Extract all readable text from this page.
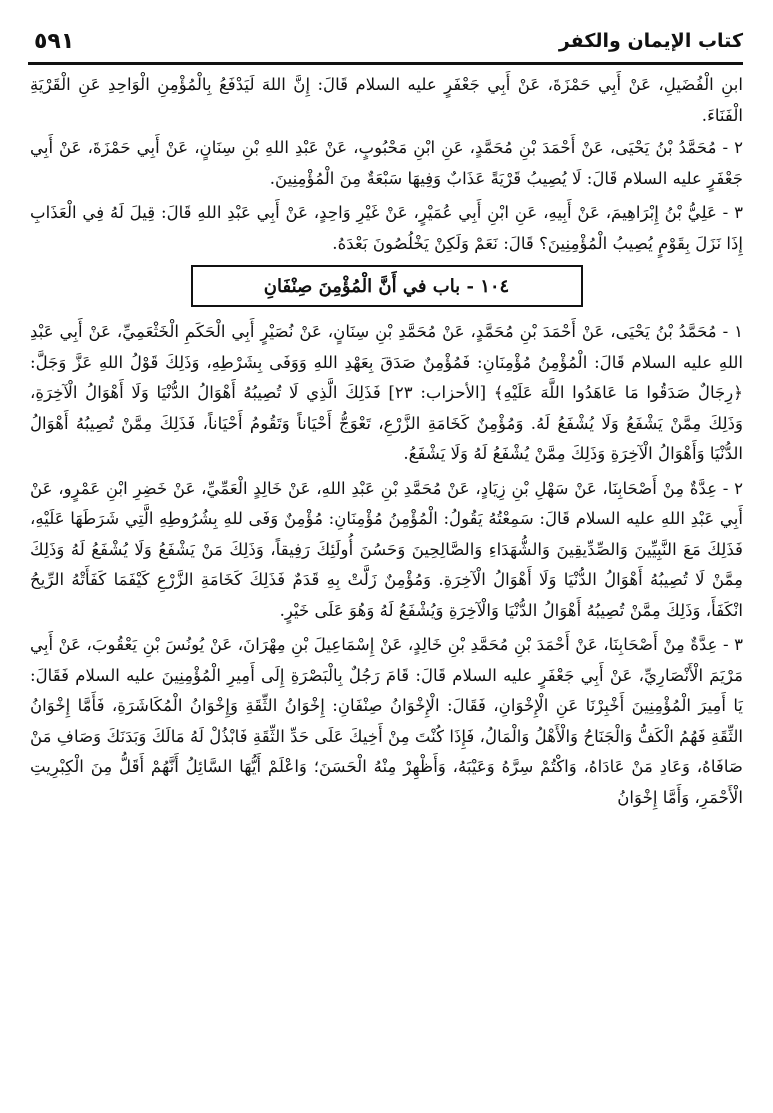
٥٩١	كتاب الإيمان والكفر

ابنِ الْفُضَيلِ، عَنْ أَبِي حَمْزَةَ، عَنْ أَبِي جَعْفَرٍ عليه السلام قَالَ: إِنَّ اللهَ لَيَدْفَعُ بِالْمُؤْمِنِ الْوَاحِدِ عَنِ الْقَرْيَةِ الْفَنَاءَ.

٢ - مُحَمَّدُ بْنُ يَحْيَى، عَنْ أَحْمَدَ بْنِ مُحَمَّدٍ، عَنِ ابْنِ مَحْبُوبٍ، عَنْ عَبْدِ اللهِ بْنِ سِنَانٍ، عَنْ أَبِي حَمْزَةَ، عَنْ أَبِي جَعْفَرٍ عليه السلام قَالَ: لَا يُصِيبُ قَرْيَةً عَذَابٌ وَفِيهَا سَبْعَةٌ مِنَ الْمُؤْمِنِينَ.

٣ - عَلِيُّ بْنُ إِبْرَاهِيمَ، عَنْ أَبِيهِ، عَنِ ابْنِ أَبِي عُمَيْرٍ، عَنْ غَيْرِ وَاحِدٍ، عَنْ أَبِي عَبْدِ اللهِ قَالَ: قِيلَ لَهُ فِي الْعَذَابِ إِذَا نَزَلَ بِقَوْمٍ يُصِيبُ الْمُؤْمِنِينَ؟ قَالَ: نَعَمْ وَلَكِنْ يَخْلُصُونَ بَعْدَهُ.

١٠٤ - باب في أَنَّ الْمُؤْمِنَ صِنْفَانِ

١ - مُحَمَّدُ بْنُ يَحْيَى، عَنْ أَحْمَدَ بْنِ مُحَمَّدٍ، عَنْ مُحَمَّدِ بْنِ سِنَانٍ، عَنْ نُصَيْرٍ أَبِي الْحَكَمِ الْخَثْعَمِيِّ، عَنْ أَبِي عَبْدِ اللهِ عليه السلام قَالَ: الْمُؤْمِنُ مُؤْمِنَانِ: فَمُؤْمِنٌ صَدَقَ بِعَهْدِ اللهِ وَوَفَى بِشَرْطِهِ، وَذَلِكَ قَوْلُ اللهِ عَزَّ وَجَلَّ: ﴿رِجَالٌ صَدَقُوا مَا عَاهَدُوا اللَّهَ عَلَيْهِ﴾ [الأحزاب: ٢٣] فَذَلِكَ الَّذِي لَا تُصِيبُهُ أَهْوَالُ الدُّنْيَا وَلَا أَهْوَالُ الْآخِرَةِ، وَذَلِكَ مِمَّنْ يَشْفَعُ وَلَا يُشْفَعُ لَهُ. وَمُؤْمِنٌ كَخَامَةِ الزَّرْعِ، تَعْوَجُّ أَحْيَاناً وَتَقُومُ أَحْيَاناً، فَذَلِكَ مِمَّنْ تُصِيبُهُ أَهْوَالُ الدُّنْيَا وَأَهْوَالُ الْآخِرَةِ وَذَلِكَ مِمَّنْ يُشْفَعُ لَهُ وَلَا يَشْفَعُ.

٢ - عِدَّةٌ مِنْ أَصْحَابِنَا، عَنْ سَهْلِ بْنِ زِيَادٍ، عَنْ مُحَمَّدِ بْنِ عَبْدِ اللهِ، عَنْ خَالِدٍ الْعَمِّيِّ، عَنْ خَضِرِ ابْنِ عَمْرٍو، عَنْ أَبِي عَبْدِ اللهِ عليه السلام قَالَ: سَمِعْتُهُ يَقُولُ: الْمُؤْمِنُ مُؤْمِنَانِ: مُؤْمِنٌ وَفَى للهِ بِشُرُوطِهِ الَّتِي شَرَطَهَا عَلَيْهِ، فَذَلِكَ مَعَ النَّبِيِّينَ وَالصِّدِّيقِينَ وَالشُّهَدَاءِ وَالصَّالِحِينَ وَحَسُنَ أُولَئِكَ رَفِيقاً، وَذَلِكَ مَنْ يَشْفَعُ وَلَا يُشْفَعُ لَهُ وَذَلِكَ مِمَّنْ لَا تُصِيبُهُ أَهْوَالُ الدُّنْيَا وَلَا أَهْوَالُ الْآخِرَةِ. وَمُؤْمِنٌ زَلَّتْ بِهِ قَدَمٌ فَذَلِكَ كَخَامَةِ الزَّرْعِ كَيْفَمَا كَفَأَتْهُ الرِّيحُ انْكَفَأَ، وَذَلِكَ مِمَّنْ تُصِيبُهُ أَهْوَالُ الدُّنْيَا وَالْآخِرَةِ وَيُشْفَعُ لَهُ وَهُوَ عَلَى خَيْرٍ.

٣ - عِدَّةٌ مِنْ أَصْحَابِنَا، عَنْ أَحْمَدَ بْنِ مُحَمَّدِ بْنِ خَالِدٍ، عَنْ إِسْمَاعِيلَ بْنِ مِهْرَانَ، عَنْ يُونُسَ بْنِ يَعْقُوبَ، عَنْ أَبِي مَرْيَمَ الْأَنْصَارِيِّ، عَنْ أَبِي جَعْفَرٍ عليه السلام قَالَ: قَامَ رَجُلٌ بِالْبَصْرَةِ إِلَى أَمِيرِ الْمُؤْمِنِينَ عليه السلام فَقَالَ: يَا أَمِيرَ الْمُؤْمِنِينَ أَخْبِرْنَا عَنِ الْإِخْوَانِ، فَقَالَ: الْإِخْوَانُ صِنْفَانِ: إِخْوَانُ الثِّقَةِ وَإِخْوَانُ الْمُكَاشَرَةِ، فَأَمَّا إِخْوَانُ الثِّقَةِ فَهُمُ الْكَفُّ وَالْجَنَاحُ وَالْأَهْلُ وَالْمَالُ، فَإِذَا كُنْتَ مِنْ أَخِيكَ عَلَى حَدِّ الثِّقَةِ فَابْذُلْ لَهُ مَالَكَ وَبَدَنَكَ وَصَافِ مَنْ صَافَاهُ، وَعَادِ مَنْ عَادَاهُ، وَاكْتُمْ سِرَّهُ وَعَيْبَهُ، وَأَظْهِرْ مِنْهُ الْحَسَنَ؛ وَاعْلَمْ أَيُّهَا السَّائِلُ أَنَّهُمْ أَقَلُّ مِنَ الْكِبْرِيتِ الْأَحْمَرِ، وَأَمَّا إِخْوَانُ
